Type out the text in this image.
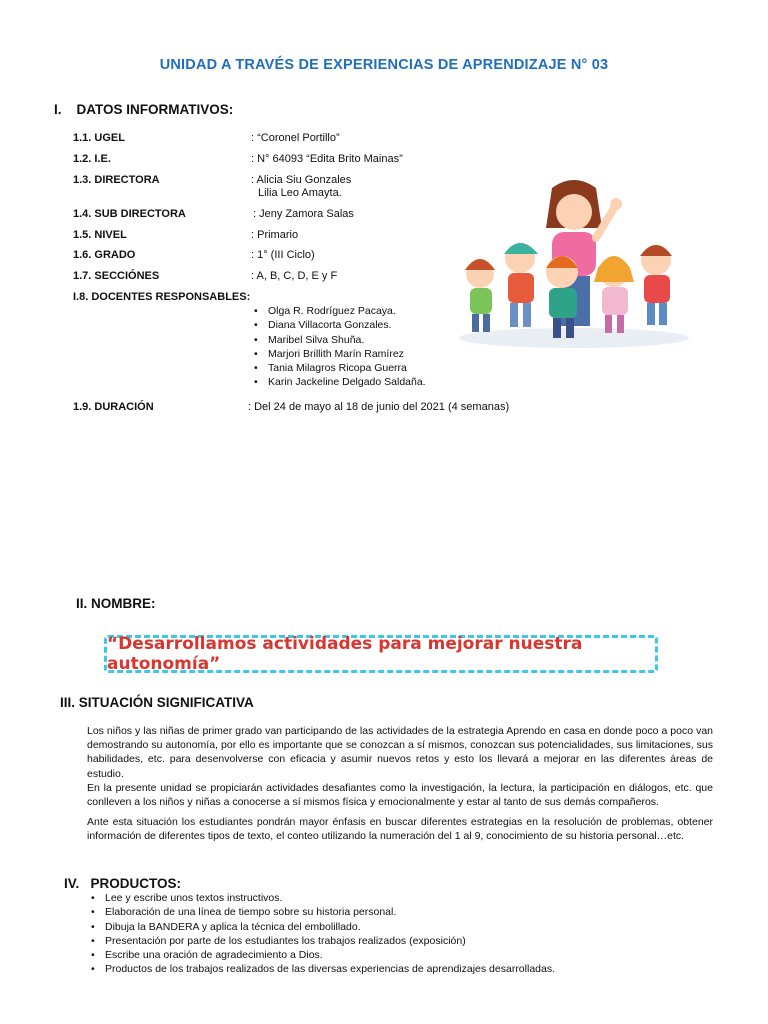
UNIDAD A TRAVÉS DE EXPERIENCIAS DE APRENDIZAJE N° 03
I. DATOS INFORMATIVOS:
1.1. UGEL	: “Coronel Portillo”
1.2. I.E.	: N° 64093 “Edita Brito Mainas”
1.3. DIRECTORA	: Alicia Siu Gonzales
Lilia Leo Amayta.
1.4. SUB DIRECTORA	: Jeny Zamora Salas
1.5. NIVEL	: Primario
1.6. GRADO	: 1° (III Ciclo)
1.7. SECCIÓNES	: A, B, C, D, E y F
I.8. DOCENTES RESPONSABLES:
• Olga R. Rodríguez Pacaya.
• Diana Villacorta Gonzales.
• Maribel Silva Shuña.
• Marjori Brillith Marín Ramírez
• Tania Milagros Ricopa Guerra
• Karin Jackeline Delgado Saldaña.
1.9. DURACIÓN	: Del 24 de mayo al 18 de junio del 2021 (4 semanas)
II. NOMBRE:
“Desarrollamos actividades para mejorar nuestra autonomía”
III. SITUACIÓN SIGNIFICATIVA

Los niños y las niñas de primer grado van participando de las actividades de la estrategia Aprendo en casa en donde poco a poco van demostrando su autonomía, por ello es importante que se conozcan a sí mismos, conozcan sus potencialidades, sus limitaciones, sus habilidades, etc. para desenvolverse con eficacia y asumir nuevos retos y esto los llevará a mejorar en las diferentes áreas de estudio.

En la presente unidad se propiciarán actividades desafiantes como la investigación, la lectura, la participación en diálogos, etc. que conlleven a los niños y niñas a conocerse a sí mismos física y emocionalmente y estar al tanto de sus demás compañeros.

Ante esta situación los estudiantes pondrán mayor énfasis en buscar diferentes estrategias en la resolución de problemas, obtener información de diferentes tipos de texto, el conteo utilizando la numeración del 1 al 9, conocimiento de su historia personal…etc.

IV. PRODUCTOS:
• Lee y escribe unos textos instructivos.
• Elaboración de una línea de tiempo sobre su historia personal.
• Dibuja la BANDERA y aplica la técnica del embolillado.
• Presentación por parte de los estudiantes los trabajos realizados (exposición)
• Escribe una oración de agradecimiento a Dios.
• Productos de los trabajos realizados de las diversas experiencias de aprendizajes desarrolladas.
